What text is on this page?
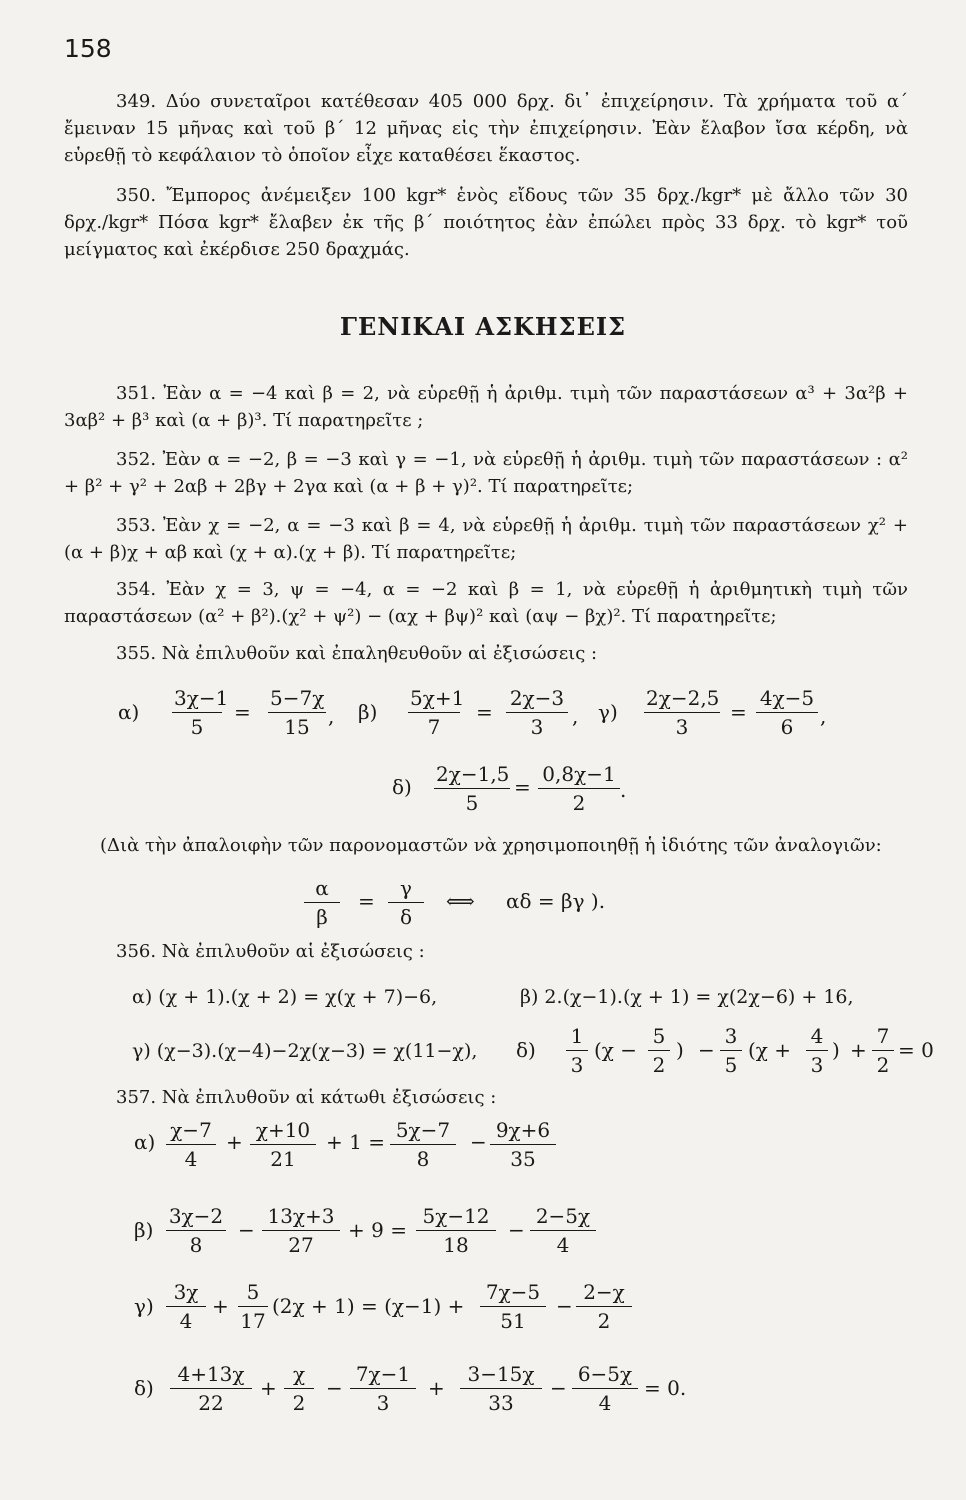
158

349. Δύο συνεταῖροι κατέθεσαν 405 000 δρχ. δι᾽ ἐπιχείρησιν. Τὰ χρήματα τοῦ α΄ ἔμειναν 15 μῆνας καὶ τοῦ β΄ 12 μῆνας εἰς τὴν ἐπιχείρησιν. Ἐὰν ἔλαβον ἴσα κέρδη, νὰ εὑρεθῇ τὸ κεφάλαιον τὸ ὁποῖον εἶχε καταθέσει ἕκαστος.

350. Ἔμπορος ἀνέμειξεν 100 kgr* ἑνὸς εἴδους τῶν 35 δρχ./kgr* μὲ ἄλλο τῶν 30 δρχ./kgr* Πόσα kgr* ἔλαβεν ἐκ τῆς β΄ ποιότητος ἐὰν ἐπώλει πρὸς 33 δρχ. τὸ kgr* τοῦ μείγματος καὶ ἐκέρδισε 250 δραχμάς.

ΓΕΝΙΚΑΙ ΑΣΚΗΣΕΙΣ

351. Ἐὰν α = −4 καὶ β = 2, νὰ εὑρεθῇ ἡ ἀριθμ. τιμὴ τῶν παραστάσεων α³ + 3α²β + 3αβ² + β³ καὶ (α + β)³. Τί παρατηρεῖτε ;

352. Ἐὰν α = −2, β = −3 καὶ γ = −1, νὰ εὑρεθῇ ἡ ἀριθμ. τιμὴ τῶν παραστάσεων : α² + β² + γ² + 2αβ + 2βγ + 2γα καὶ (α + β + γ)². Τί παρατηρεῖτε;

353. Ἐὰν χ = −2, α = −3 καὶ β = 4, νὰ εὑρεθῇ ἡ ἀριθμ. τιμὴ τῶν παραστάσεων χ² + (α + β)χ + αβ καὶ (χ + α).(χ + β). Τί παρατηρεῖτε;

354. Ἐὰν χ = 3, ψ = −4, α = −2 καὶ β = 1, νὰ εὑρεθῇ ἡ ἀριθμητικὴ τιμὴ τῶν παραστάσεων (α² + β²).(χ² + ψ²) − (αχ + βψ)² καὶ (αψ − βχ)². Τί παρατηρεῖτε;

355. Νὰ ἐπιλυθοῦν καὶ ἐπαληθευθοῦν αἱ ἐξισώσεις :

$\alpha) \frac{3\chi-1}{5} = \frac{5-7\chi}{15}$ , $\beta) \frac{5\chi+1}{7} = \frac{2\chi-3}{3}$ , $\gamma) \frac{2\chi-2,5}{3} = \frac{4\chi-5}{6}$ ,
$\delta) \frac{2\chi-1,5}{5} = \frac{0,8\chi-1}{2}$ .
(Διὰ τὴν ἀπαλοιφὴν τῶν παρονομαστῶν νὰ χρησιμοποιηθῇ ἡ ἰδιότης τῶν ἀναλογιῶν:
$\frac{\alpha}{\beta} = \frac{\gamma}{\delta}$ ⟺ αδ = βγ ).

356. Νὰ ἐπιλυθοῦν αἱ ἐξισώσεις :

α) (χ + 1).(χ + 2) = χ(χ + 7)−6,	β) 2.(χ−1).(χ + 1) = χ(2χ−6) + 16,
γ) (χ−3).(χ−4)−2χ(χ−3) = χ(11−χ), $\delta) \frac{1}{3} (\chi - \frac{5}{2}$ ) − $\frac{3}{5} (\chi + \frac{4}{3}$ ) + $\frac{7}{2} = 0$

357. Νὰ ἐπιλυθοῦν αἱ κάτωθι ἐξισώσεις :

$\alpha) \frac{\chi-7}{4} + \frac{\chi+10}{21} + 1 = \frac{5\chi-7}{8} - \frac{9\chi+6}{35}$
$\beta) \frac{3\chi-2}{8} - \frac{13\chi+3}{27} + 9 = \frac{5\chi-12}{18} - \frac{2-5\chi}{4}$
$\gamma) \frac{3\chi}{4} + \frac{5}{17} (2\chi + 1) = (\chi-1) + \frac{7\chi-5}{51} - \frac{2-\chi}{2}$
$\delta) \frac{4+13\chi}{22} + \frac{\chi}{2} - \frac{7\chi-1}{3} + \frac{3-15\chi}{33} - \frac{6-5\chi}{4} = 0$.
